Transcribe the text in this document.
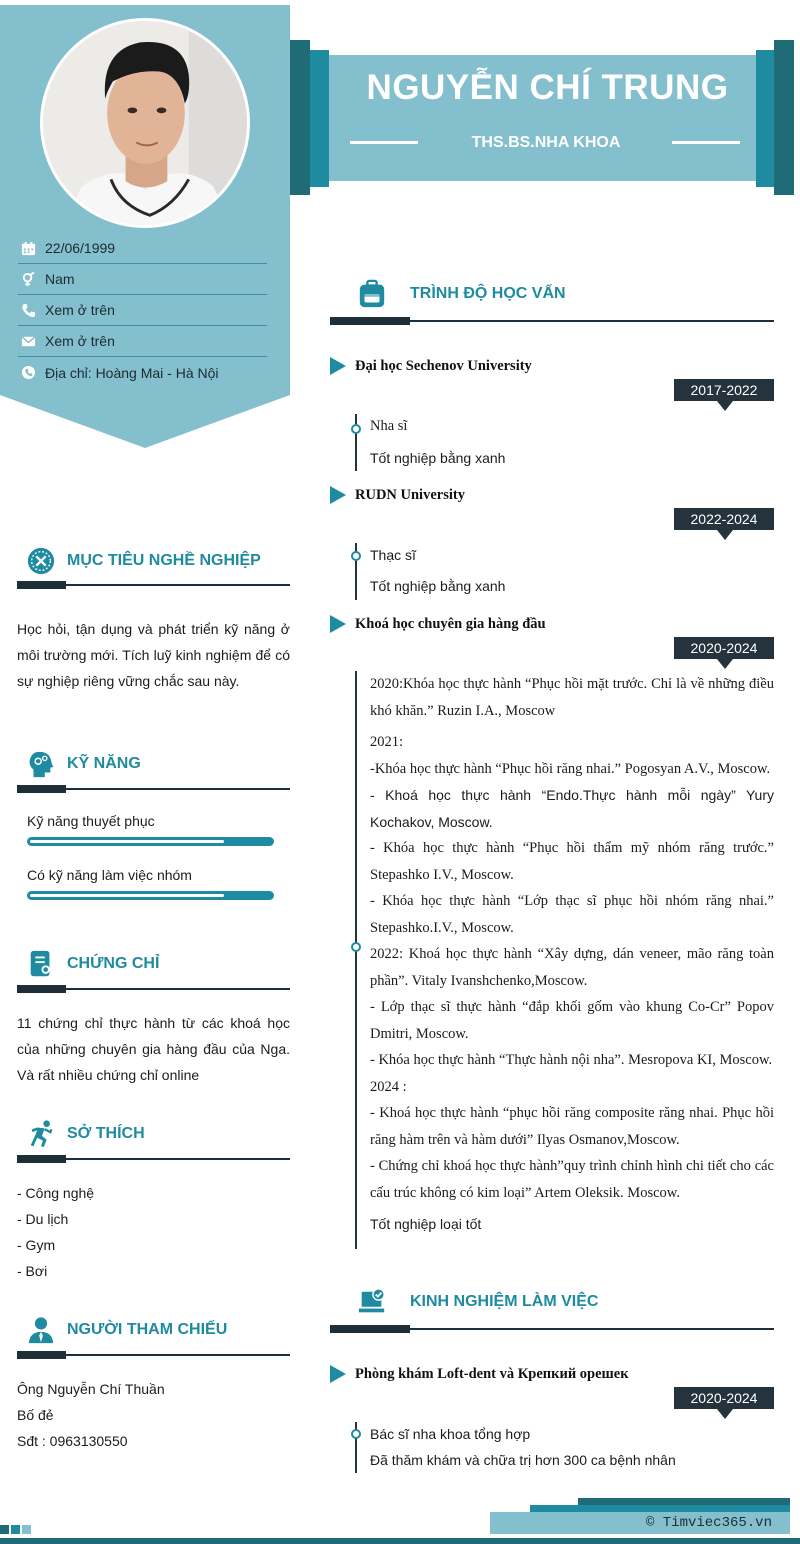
22/06/1999
Nam
Xem ở trên
Xem ở trên
Địa chỉ: Hoàng Mai - Hà Nội
MỤC TIÊU NGHỀ NGHIỆP
Học hỏi, tận dụng và phát triển kỹ năng ở môi trường mới. Tích luỹ kinh nghiệm để có sự nghiệp riêng vững chắc sau này.
KỸ NĂNG
Kỹ năng thuyết phục
Có kỹ năng làm việc nhóm
CHỨNG CHỈ
11 chứng chỉ thực hành từ các khoá học của những chuyên gia hàng đầu của Nga. Và rất nhiều chứng chỉ online
SỞ THÍCH
- Công nghệ
- Du lịch
- Gym
- Bơi
NGƯỜI THAM CHIẾU
Ông Nguyễn Chí Thuần
Bố đẻ
Sđt : 0963130550
NGUYỄN CHÍ TRUNG
THS.BS.NHA KHOA
TRÌNH ĐỘ HỌC VẤN
Đại học Sechenov University
2017-2022
Nha sĩ
Tốt nghiệp bằng xanh
RUDN University
2022-2024
Thạc sĩ
Tốt nghiệp bằng xanh
Khoá học chuyên gia hàng đầu
2020-2024

2020:Khóa học thực hành “Phục hồi mặt trước. Chỉ là về những điều khó khăn.” Ruzin I.A., Moscow

2021:

-Khóa học thực hành “Phục hồi răng nhai.” Pogosyan A.V., Moscow.

- Khoá học thực hành “Endo.Thực hành mỗi ngày” Yury Kochakov, Moscow.

- Khóa học thực hành “Phục hồi thẩm mỹ nhóm răng trước.” Stepashko I.V., Moscow.

- Khóa học thực hành “Lớp thạc sĩ phục hồi nhóm răng nhai.” Stepashko.I.V., Moscow.

2022: Khoá học thực hành “Xây dựng, dán veneer, mão răng toàn phần”. Vitaly Ivanshchenko,Moscow.

- Lớp thạc sĩ thực hành “đắp khối gốm vào khung Co-Cr” Popov Dmitri, Moscow.

- Khóa học thực hành “Thực hành nội nha”. Mesropova KI, Moscow.

2024 :

- Khoá học thực hành “phục hồi răng composite răng nhai. Phục hồi răng hàm trên và hàm dưới” Ilyas Osmanov,Moscow.

- Chứng chỉ khoá học thực hành”quy trình chỉnh hình chi tiết cho các cấu trúc không có kim loại” Artem Oleksik. Moscow.

Tốt nghiệp loại tốt

KINH NGHIỆM LÀM VIỆC
Phòng khám Loft-dent và Крепкий орешек
2020-2024
Bác sĩ nha khoa tổng hợp
Đã thăm khám và chữa trị hơn 300 ca bệnh nhân
© Timviec365.vn
